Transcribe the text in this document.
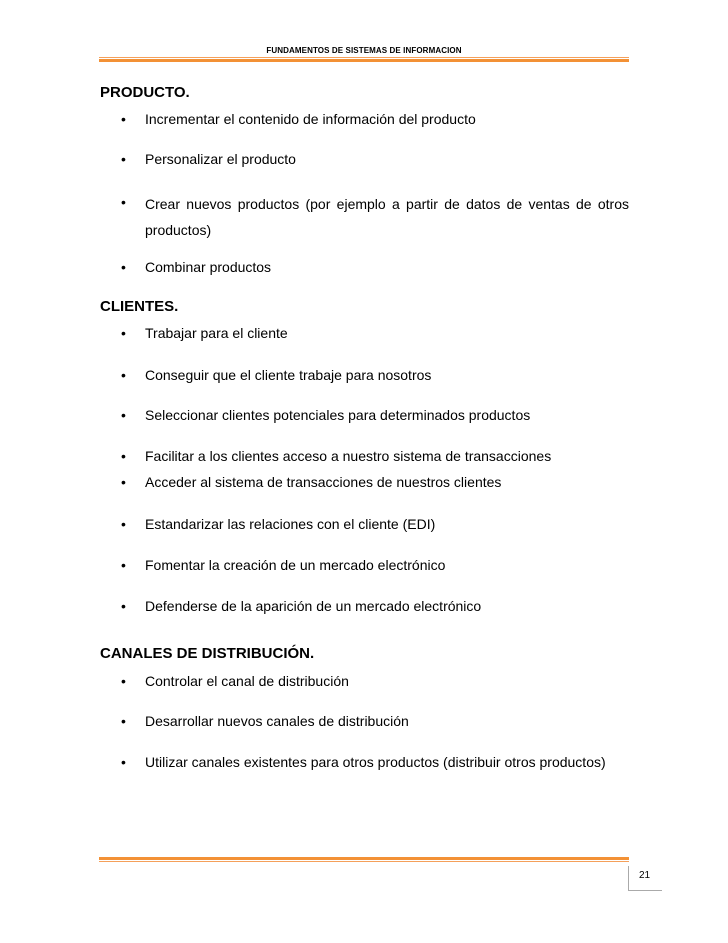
FUNDAMENTOS DE SISTEMAS DE INFORMACION
PRODUCTO.
• Incrementar el contenido de información del producto
• Personalizar el producto
• Crear nuevos productos (por ejemplo a partir de datos de ventas de otros productos)
• Combinar productos
CLIENTES.
• Trabajar para el cliente
• Conseguir que el cliente trabaje para nosotros
• Seleccionar clientes potenciales para determinados productos
• Facilitar a los clientes acceso a nuestro sistema de transacciones
• Acceder al sistema de transacciones de nuestros clientes
• Estandarizar las relaciones con el cliente (EDI)
• Fomentar la creación de un mercado electrónico
• Defenderse de la aparición de un mercado electrónico
CANALES DE DISTRIBUCIÓN.
• Controlar el canal de distribución
• Desarrollar nuevos canales de distribución
• Utilizar canales existentes para otros productos (distribuir otros productos)
21
